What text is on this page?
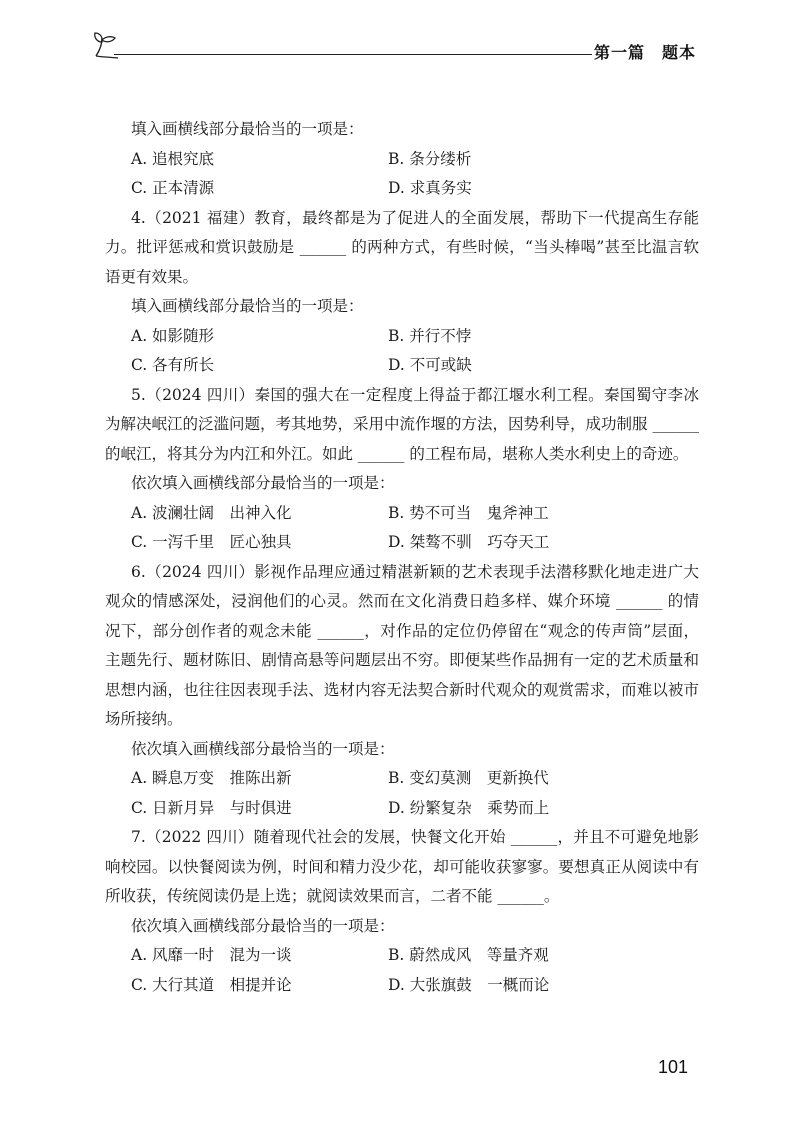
第一篇　题本

填入画横线部分最恰当的一项是：

A. 追根究底	B. 条分缕析
C. 正本清源	D. 求真务实

4.（2021 福建）教育，最终都是为了促进人的全面发展，帮助下一代提高生存能力。批评惩戒和赏识鼓励是 ______ 的两种方式，有些时候，“当头棒喝”甚至比温言软语更有效果。

填入画横线部分最恰当的一项是：

A. 如影随形	B. 并行不悖
C. 各有所长	D. 不可或缺

5.（2024 四川）秦国的强大在一定程度上得益于都江堰水利工程。秦国蜀守李冰为解决岷江的泛滥问题，考其地势，采用中流作堰的方法，因势利导，成功制服 ______ 的岷江，将其分为内江和外江。如此 ______ 的工程布局，堪称人类水利史上的奇迹。

依次填入画横线部分最恰当的一项是：

A. 波澜壮阔　出神入化	B. 势不可当　鬼斧神工
C. 一泻千里　匠心独具	D. 桀骜不驯　巧夺天工

6.（2024 四川）影视作品理应通过精湛新颖的艺术表现手法潜移默化地走进广大观众的情感深处，浸润他们的心灵。然而在文化消费日趋多样、媒介环境 ______ 的情况下，部分创作者的观念未能 ______，对作品的定位仍停留在“观念的传声筒”层面，主题先行、题材陈旧、剧情高悬等问题层出不穷。即便某些作品拥有一定的艺术质量和思想内涵，也往往因表现手法、选材内容无法契合新时代观众的观赏需求，而难以被市场所接纳。

依次填入画横线部分最恰当的一项是：

A. 瞬息万变　推陈出新	B. 变幻莫测　更新换代
C. 日新月异　与时俱进	D. 纷繁复杂　乘势而上

7.（2022 四川）随着现代社会的发展，快餐文化开始 ______，并且不可避免地影响校园。以快餐阅读为例，时间和精力没少花，却可能收获寥寥。要想真正从阅读中有所收获，传统阅读仍是上选；就阅读效果而言，二者不能 ______。

依次填入画横线部分最恰当的一项是：

A. 风靡一时　混为一谈	B. 蔚然成风　等量齐观
C. 大行其道　相提并论	D. 大张旗鼓　一概而论
101
